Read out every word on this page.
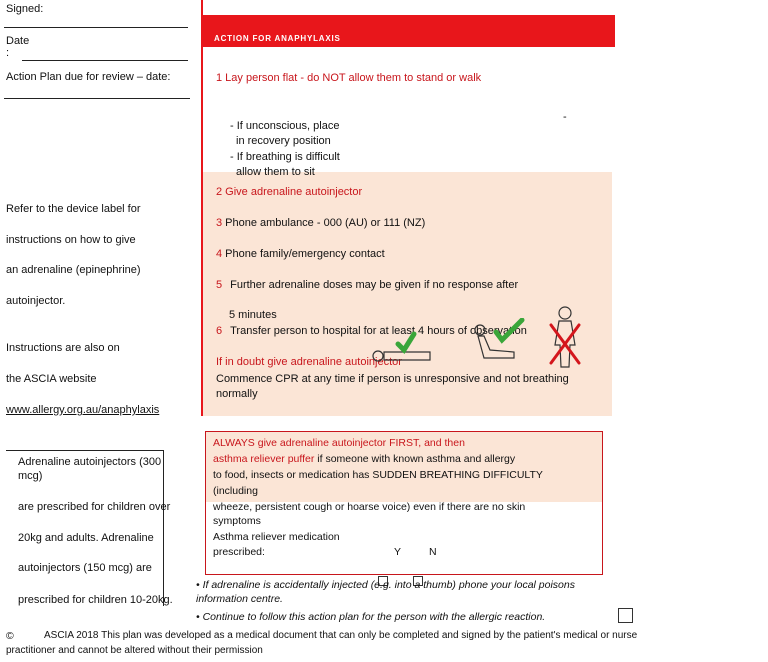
Signed:
Date
:
Action Plan due for review – date:
Refer to the device label for
instructions on how to give
an adrenaline (epinephrine)
autoinjector.
Instructions are also on
the ASCIA website
www.allergy.org.au/anaphylaxis
Adrenaline autoinjectors (300
mcg)
are prescribed for children over
20kg and adults. Adrenaline
autoinjectors (150 mcg) are
prescribed for children 10-20kg.
ACTION FOR ANAPHYLAXIS
1 Lay person flat - do NOT allow them to stand or walk
-
- If unconscious, place
in recovery position
- If breathing is difficult
allow them to sit
2 Give adrenaline autoinjector
3 Phone ambulance - 000 (AU) or 111 (NZ)
4 Phone family/emergency contact
5 Further adrenaline doses may be given if no response after
5 minutes
6 Transfer person to hospital for at least 4 hours of observation
If in doubt give adrenaline autoinjector
Commence CPR at any time if person is unresponsive and not breathing
normally
ALWAYS give adrenaline autoinjector FIRST, and then
asthma reliever puffer if someone with known asthma and allergy
to food, insects or medication has SUDDEN BREATHING DIFFICULTY
(including
wheeze, persistent cough or hoarse voice) even if there are no skin
symptoms
Asthma reliever medication
prescribed:	Y	N
• If adrenaline is accidentally injected (e.g. into a thumb) phone your local poisons
information centre.
• Continue to follow this action plan for the person with the allergic reaction.
©	ASCIA 2018 This plan was developed as a medical document that can only be completed and signed by the patient's medical or nurse
practitioner and cannot be altered without their permission
